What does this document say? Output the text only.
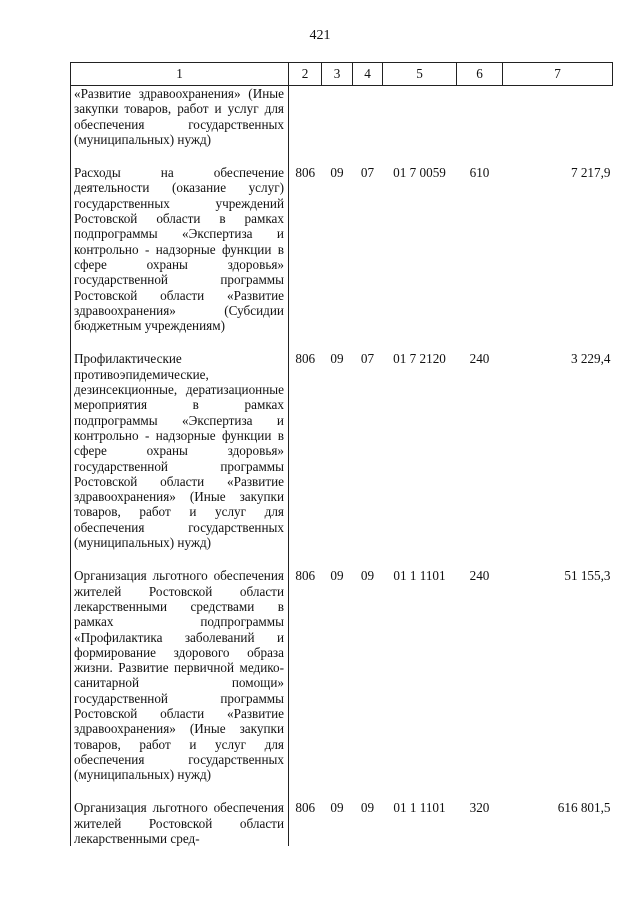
421
1	2	3	4	5	6	7
«Развитие здравоохранения» (Иные закупки товаров, работ и услуг для обеспечения государственных (муниципальных) нужд)						
Расходы на обеспечение деятельности (оказание услуг) государственных учреждений Ростовской области в рамках подпрограммы «Экспертиза и контрольно - надзорные функции в сфере охраны здоровья» государственной программы Ростовской области «Развитие здравоохранения» (Субсидии бюджетным учреждениям)	806	09	07	01 7 0059	610	7 217,9
Профилактические противоэпидемические, дезинсекционные, дератизационные мероприятия в рамках подпрограммы «Экспертиза и контрольно - надзорные функции в сфере охраны здоровья» государственной программы Ростовской области «Развитие здравоохранения» (Иные закупки товаров, работ и услуг для обеспечения государственных (муниципальных) нужд)	806	09	07	01 7 2120	240	3 229,4
Организация льготного обеспечения жителей Ростовской области лекарственными средствами в рамках подпрограммы «Профилактика заболеваний и формирование здорового образа жизни. Развитие первичной медико-санитарной помощи» государственной программы Ростовской области «Развитие здравоохранения» (Иные закупки товаров, работ и услуг для обеспечения государственных (муниципальных) нужд)	806	09	09	01 1 1101	240	51 155,3
Организация льготного обеспечения жителей Ростовской области лекарственными сред-	806	09	09	01 1 1101	320	616 801,5
